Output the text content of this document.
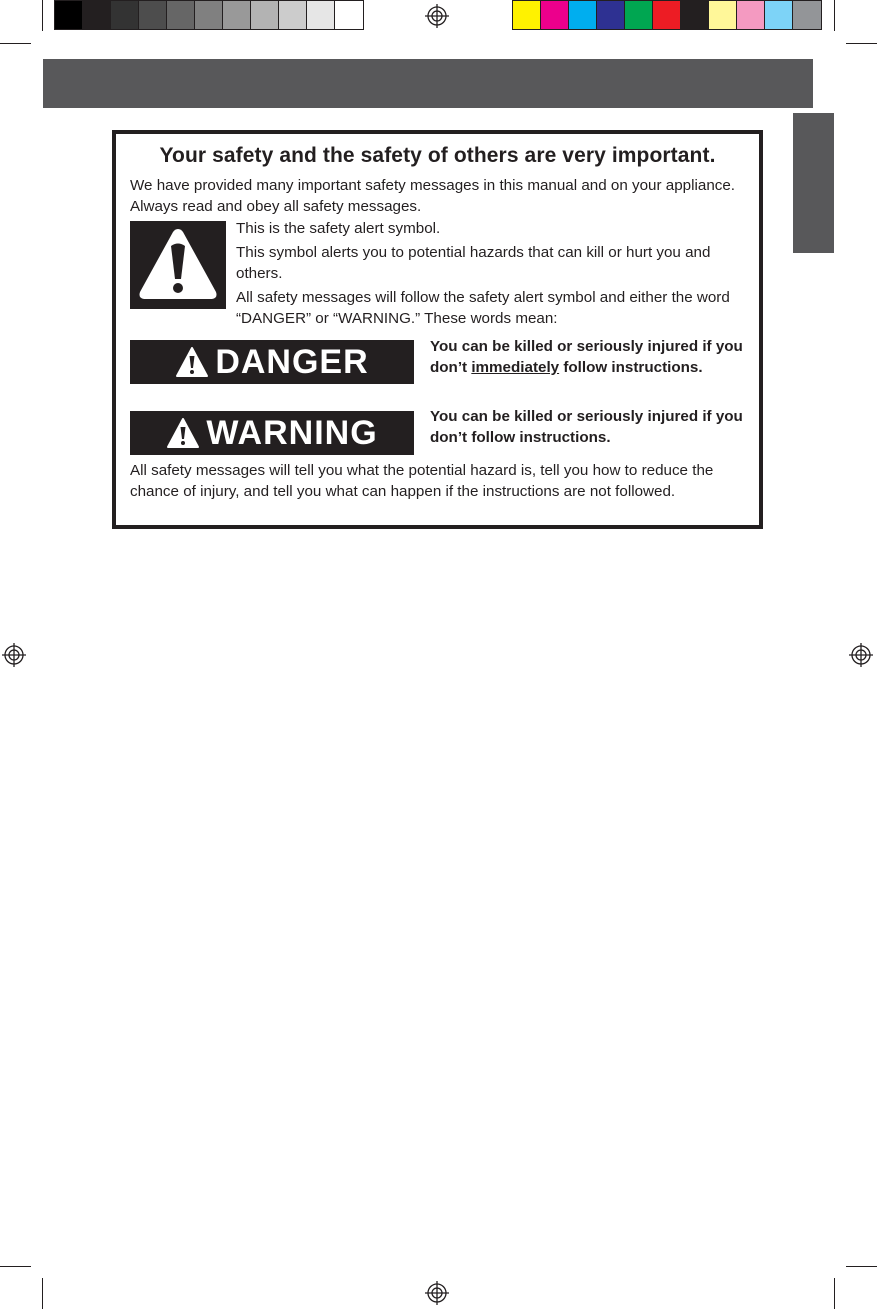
Your safety and the safety of others are very important.

We have provided many important safety messages in this manual and on your appliance. Always read and obey all safety messages.

This is the safety alert symbol.

This symbol alerts you to potential hazards that can kill or hurt you and others.

All safety messages will follow the safety alert symbol and either the word “DANGER” or “WARNING.” These words mean:

DANGER	You can be killed or seriously injured if you don’t immediately follow instructions.

WARNING	You can be killed or seriously injured if you don’t follow instructions.

All safety messages will tell you what the potential hazard is, tell you how to reduce the chance of injury, and tell you what can happen if the instructions are not followed.
